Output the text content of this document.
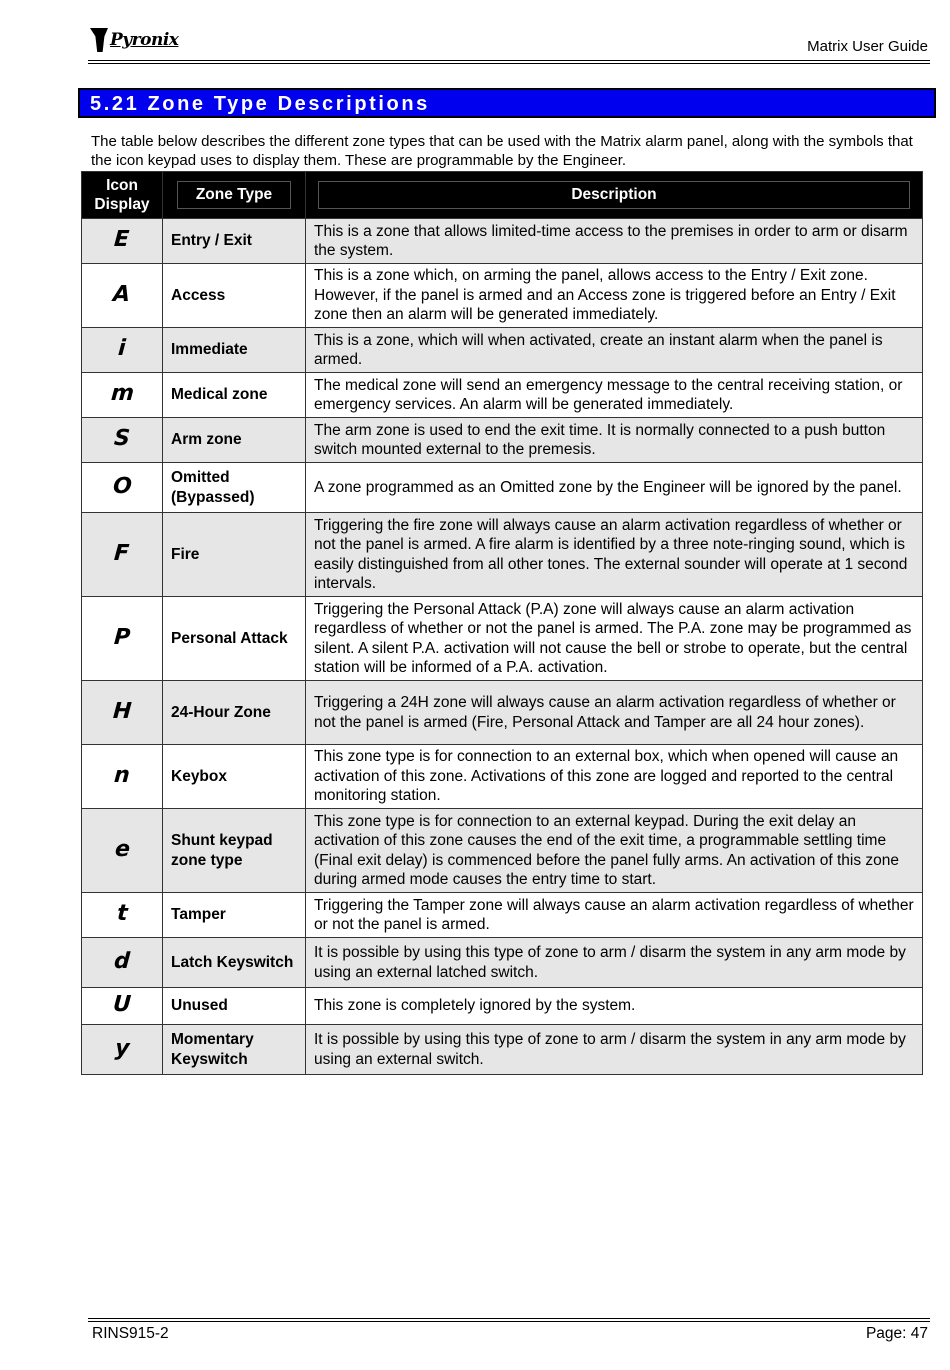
Pyronix	Matrix User Guide
5.21 Zone Type Descriptions
The table below describes the different zone types that can be used with the Matrix alarm panel, along with the symbols that the icon keypad uses to display them. These are programmable by the Engineer.
Icon Display	Zone Type	Description
E	Entry / Exit	This is a zone that allows limited-time access to the premises in order to arm or disarm the system.
A	Access	This is a zone which, on arming the panel, allows access to the Entry / Exit zone. However, if the panel is armed and an Access zone is triggered before an Entry / Exit zone then an alarm will be generated immediately.
i	Immediate	This is a zone, which will when activated, create an instant alarm when the panel is armed.
m	Medical zone	The medical zone will send an emergency message to the central receiving station, or emergency services. An alarm will be generated immediately.
S	Arm zone	The arm zone is used to end the exit time. It is normally connected to a push button switch mounted external to the premesis.
O	Omitted (Bypassed)	A zone programmed as an Omitted zone by the Engineer will be ignored by the panel.
F	Fire	Triggering the fire zone will always cause an alarm activation regardless of whether or not the panel is armed. A fire alarm is identified by a three note-ringing sound, which is easily distinguished from all other tones. The external sounder will operate at 1 second intervals.
P	Personal Attack	Triggering the Personal Attack (P.A) zone will always cause an alarm activation regardless of whether or not the panel is armed. The P.A. zone may be programmed as silent. A silent P.A. activation will not cause the bell or strobe to operate, but the central station will be informed of a P.A. activation.
H	24-Hour Zone	Triggering a 24H zone will always cause an alarm activation regardless of whether or not the panel is armed (Fire, Personal Attack and Tamper are all 24 hour zones).
n	Keybox	This zone type is for connection to an external box, which when opened will cause an activation of this zone. Activations of this zone are logged and reported to the central monitoring station.
e	Shunt keypad zone type	This zone type is for connection to an external keypad. During the exit delay an activation of this zone causes the end of the exit time, a programmable settling time (Final exit delay) is commenced before the panel fully arms. An activation of this zone during armed mode causes the entry time to start.
t	Tamper	Triggering the Tamper zone will always cause an alarm activation regardless of whether or not the panel is armed.
d	Latch Keyswitch	It is possible by using this type of zone to arm / disarm the system in any arm mode by using an external latched switch.
U	Unused	This zone is completely ignored by the system.
y	Momentary Keyswitch	It is possible by using this type of zone to arm / disarm the system in any arm mode by using an external switch.
RINS915-2	Page: 47
